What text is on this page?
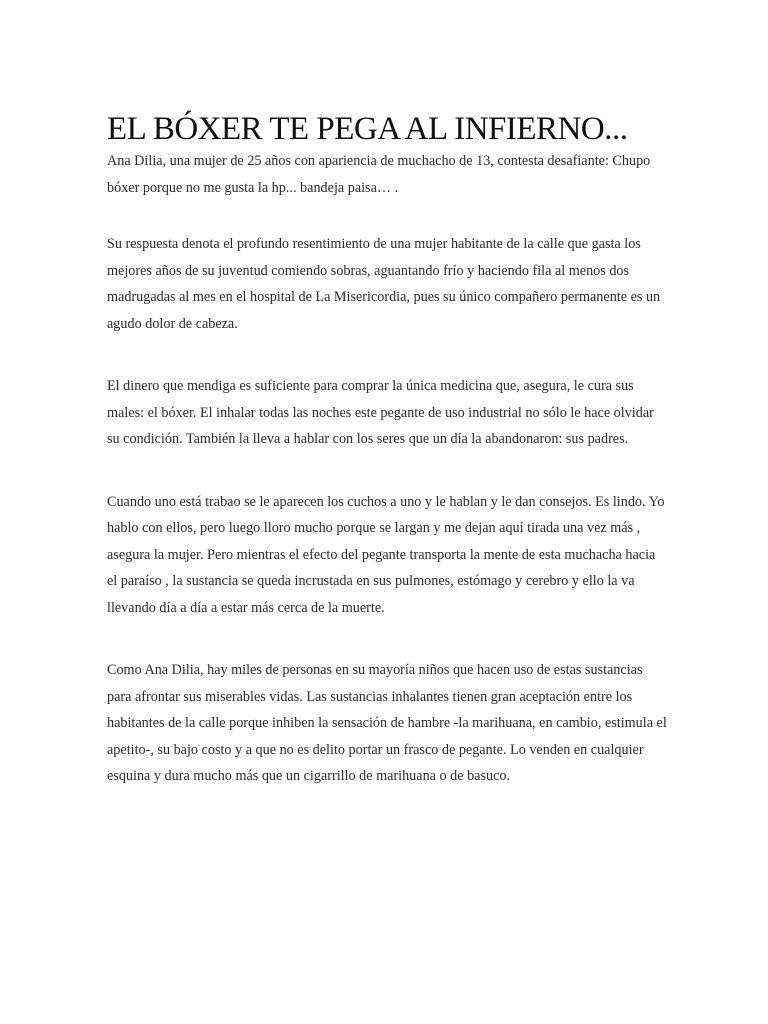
EL BÓXER TE PEGA AL INFIERNO...

Ana Dilia, una mujer de 25 años con apariencia de muchacho de 13, contesta desafiante: Chupo bóxer porque no me gusta la hp... bandeja paisa… .

Su respuesta denota el profundo resentimiento de una mujer habitante de la calle que gasta los mejores años de su juventud comiendo sobras, aguantando frío y haciendo fila al menos dos madrugadas al mes en el hospital de La Misericordia, pues su único compañero permanente es un agudo dolor de cabeza.

El dinero que mendiga es suficiente para comprar la única medicina que, asegura, le cura sus males: el bóxer. El inhalar todas las noches este pegante de uso industrial no sólo le hace olvidar su condición. También la lleva a hablar con los seres que un día la abandonaron: sus padres.

Cuando uno está trabao se le aparecen los cuchos a uno y le hablan y le dan consejos. Es lindo. Yo hablo con ellos, pero luego lloro mucho porque se largan y me dejan aquí tirada una vez más , asegura la mujer. Pero mientras el efecto del pegante transporta la mente de esta muchacha hacia el paraíso , la sustancia se queda incrustada en sus pulmones, estómago y cerebro y ello la va llevando día a día a estar más cerca de la muerte.

Como Ana Dilia, hay miles de personas en su mayoría niños que hacen uso de estas sustancias para afrontar sus miserables vidas. Las sustancias inhalantes tienen gran aceptación entre los habitantes de la calle porque inhiben la sensación de hambre -la marihuana, en cambio, estimula el apetito-, su bajo costo y a que no es delito portar un frasco de pegante. Lo venden en cualquier esquina y dura mucho más que un cigarrillo de marihuana o de basuco.
